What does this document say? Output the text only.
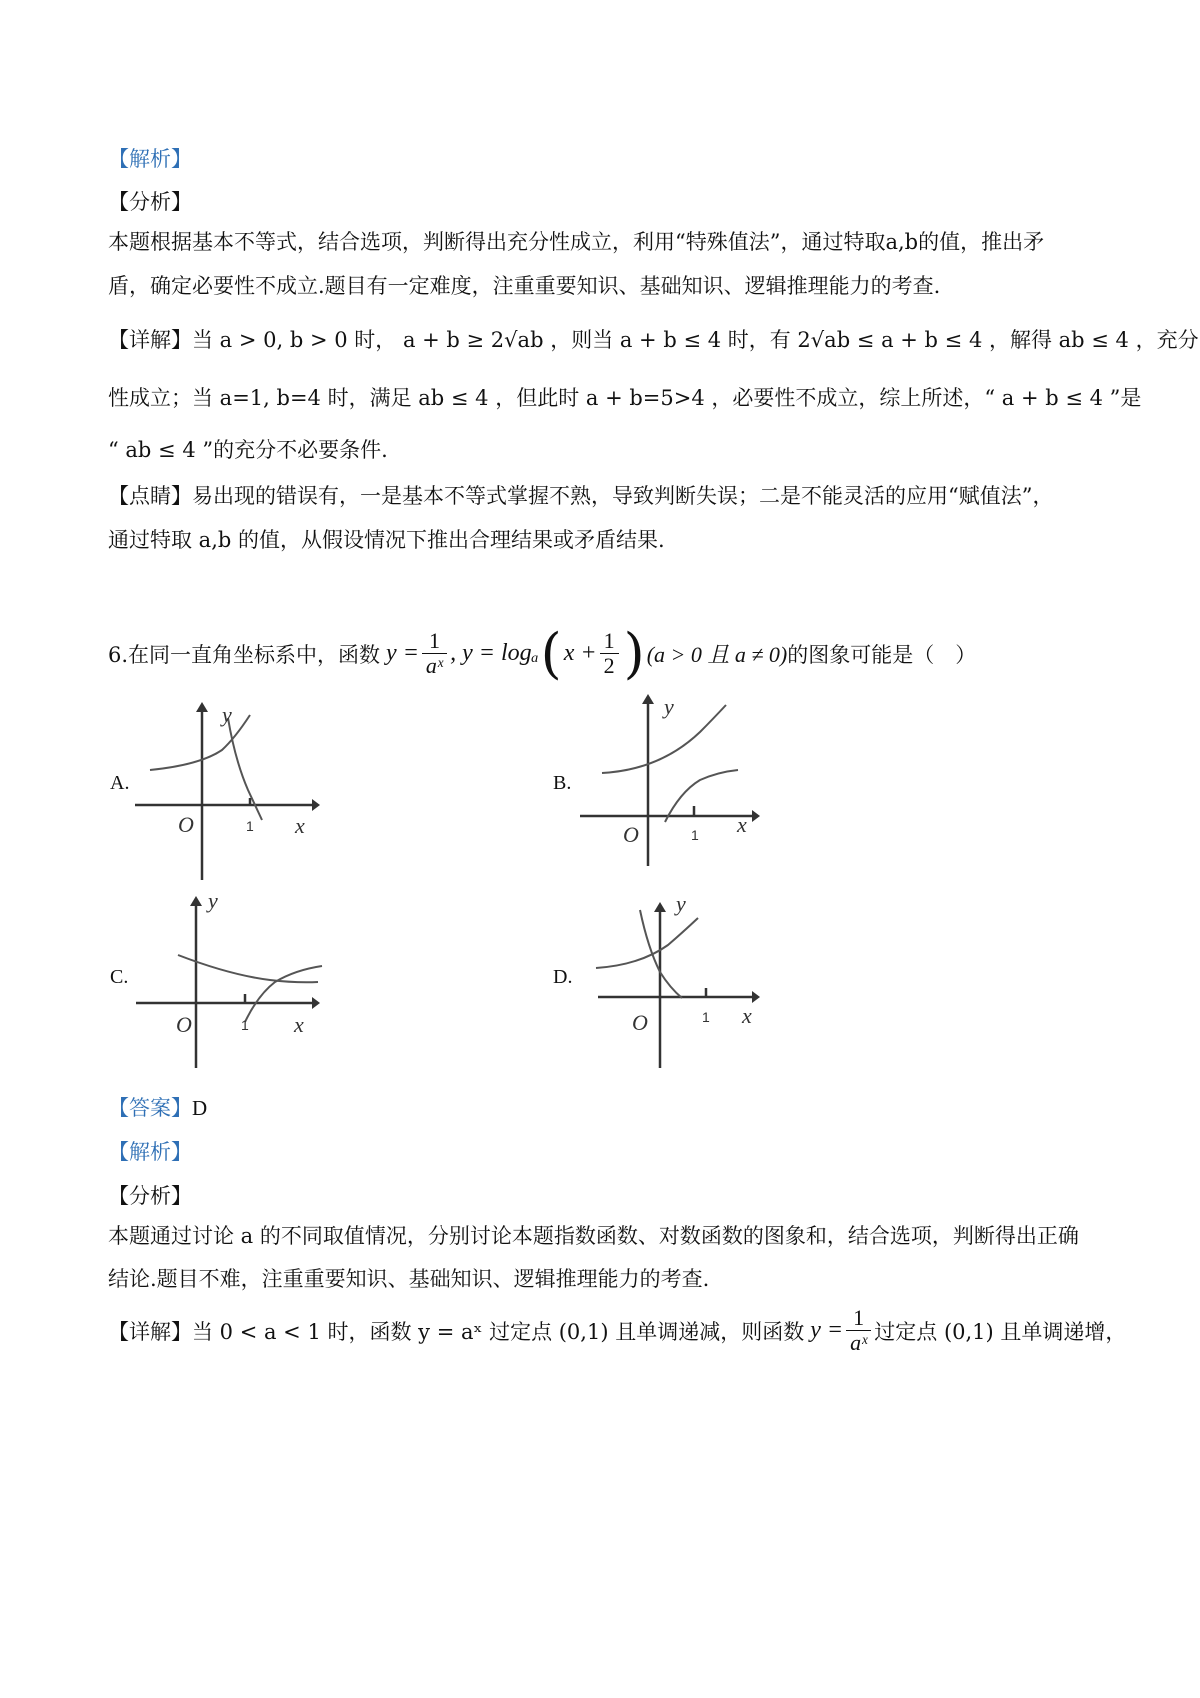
【解析】
【分析】
本题根据基本不等式，结合选项，判断得出充分性成立，利用“特殊值法”，通过特取a,b的值，推出矛
盾，确定必要性不成立.题目有一定难度，注重重要知识、基础知识、逻辑推理能力的考查.
【详解】当 a > 0, b > 0 时， a + b ≥ 2√ab ，则当 a + b ≤ 4 时，有 2√ab ≤ a + b ≤ 4 ，解得 ab ≤ 4 ，充分
性成立；当 a=1, b=4 时，满足 ab ≤ 4 ，但此时 a + b=5>4 ，必要性不成立，综上所述，“ a + b ≤ 4 ”是
“ ab ≤ 4 ”的充分不必要条件.
【点睛】易出现的错误有，一是基本不等式掌握不熟，导致判断失误；二是不能灵活的应用“赋值法”，
通过特取 a,b 的值，从假设情况下推出合理结果或矛盾结果.
6.在同一直角坐标系中，函数 $y = \frac{1}{\text{aˣ}}$ , y = logₐ ( $x + \frac{1}{2}$ ) (a > 0 且 a ≠ 0) 的图象可能是（　）
A.	B.
C.	D.
y
O	1 x
y
O	1 x
y
O	1 x
y
O	1 x
【答案】D
【解析】
【分析】
本题通过讨论 a 的不同取值情况，分别讨论本题指数函数、对数函数的图象和，结合选项，判断得出正确
结论.题目不难，注重重要知识、基础知识、逻辑推理能力的考查.
【详解】 当 0 < a < 1 时，函数 y = aˣ 过定点 (0,1) 且单调递减，则函数 $y = \frac{1}{\text{aˣ}}$ 过定点 (0,1) 且单调递增，
